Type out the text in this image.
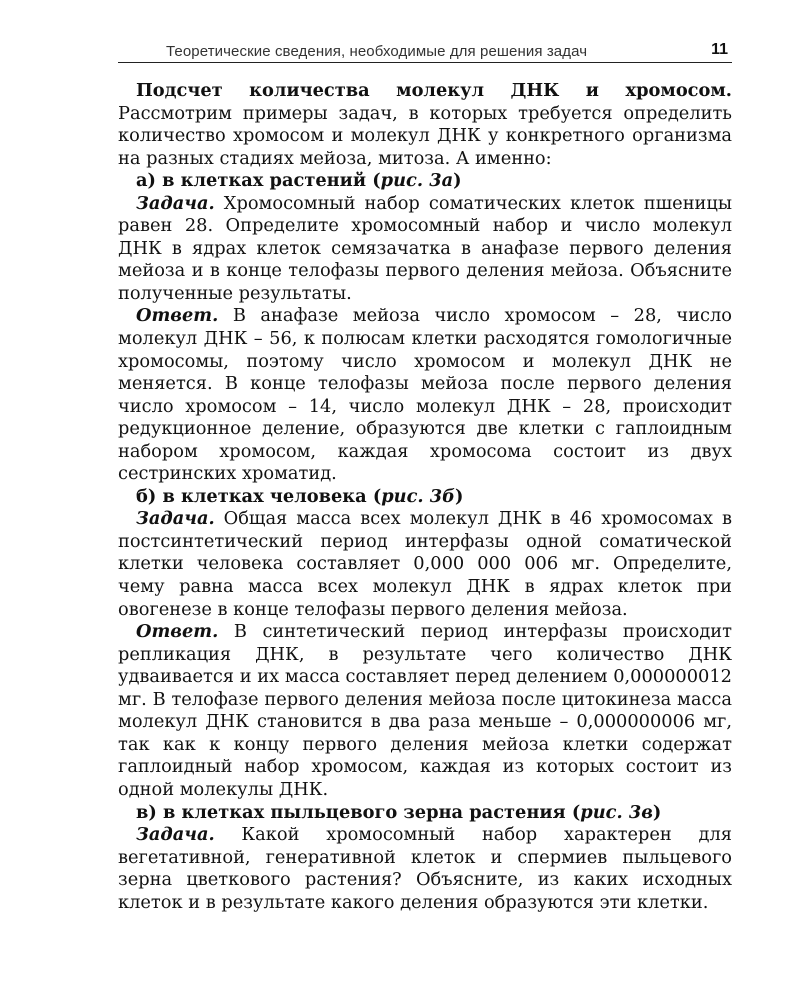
Теоретические сведения, необходимые для решения задач	11

Подсчет количества молекул ДНК и хромосом. Рассмотрим примеры задач, в которых требуется определить количество хромосом и молекул ДНК у конкретного организма на разных стадиях мейоза, митоза. А именно:

а) в клетках растений (рис. 3а)

Задача. Хромосомный набор соматических клеток пшеницы равен 28. Определите хромосомный набор и число молекул ДНК в ядрах клеток семязачатка в анафазе первого деления мейоза и в конце телофазы первого деления мейоза. Объясните полученные результаты.

Ответ. В анафазе мейоза число хромосом – 28, число молекул ДНК – 56, к полюсам клетки расходятся гомологичные хромосомы, поэтому число хромосом и молекул ДНК не меняется. В конце телофазы мейоза после первого деления число хромосом – 14, число молекул ДНК – 28, происходит редукционное деление, образуются две клетки с гаплоидным набором хромосом, каждая хромосома состоит из двух сестринских хроматид.

б) в клетках человека (рис. 3б)

Задача. Общая масса всех молекул ДНК в 46 хромосомах в постсинтетический период интерфазы одной соматической клетки человека составляет 0,000 000 006 мг. Определите, чему равна масса всех молекул ДНК в ядрах клеток при овогенезе в конце телофазы первого деления мейоза.

Ответ. В синтетический период интерфазы происходит репликация ДНК, в результате чего количество ДНК удваивается и их масса составляет перед делением 0,000000012 мг. В телофазе первого деления мейоза после цитокинеза масса молекул ДНК становится в два раза меньше – 0,000000006 мг, так как к концу первого деления мейоза клетки содержат гаплоидный набор хромосом, каждая из которых состоит из одной молекулы ДНК.

в) в клетках пыльцевого зерна растения (рис. 3в)

Задача. Какой хромосомный набор характерен для вегетативной, генеративной клеток и спермиев пыльцевого зерна цветкового растения? Объясните, из каких исходных клеток и в результате какого деления образуются эти клетки.
